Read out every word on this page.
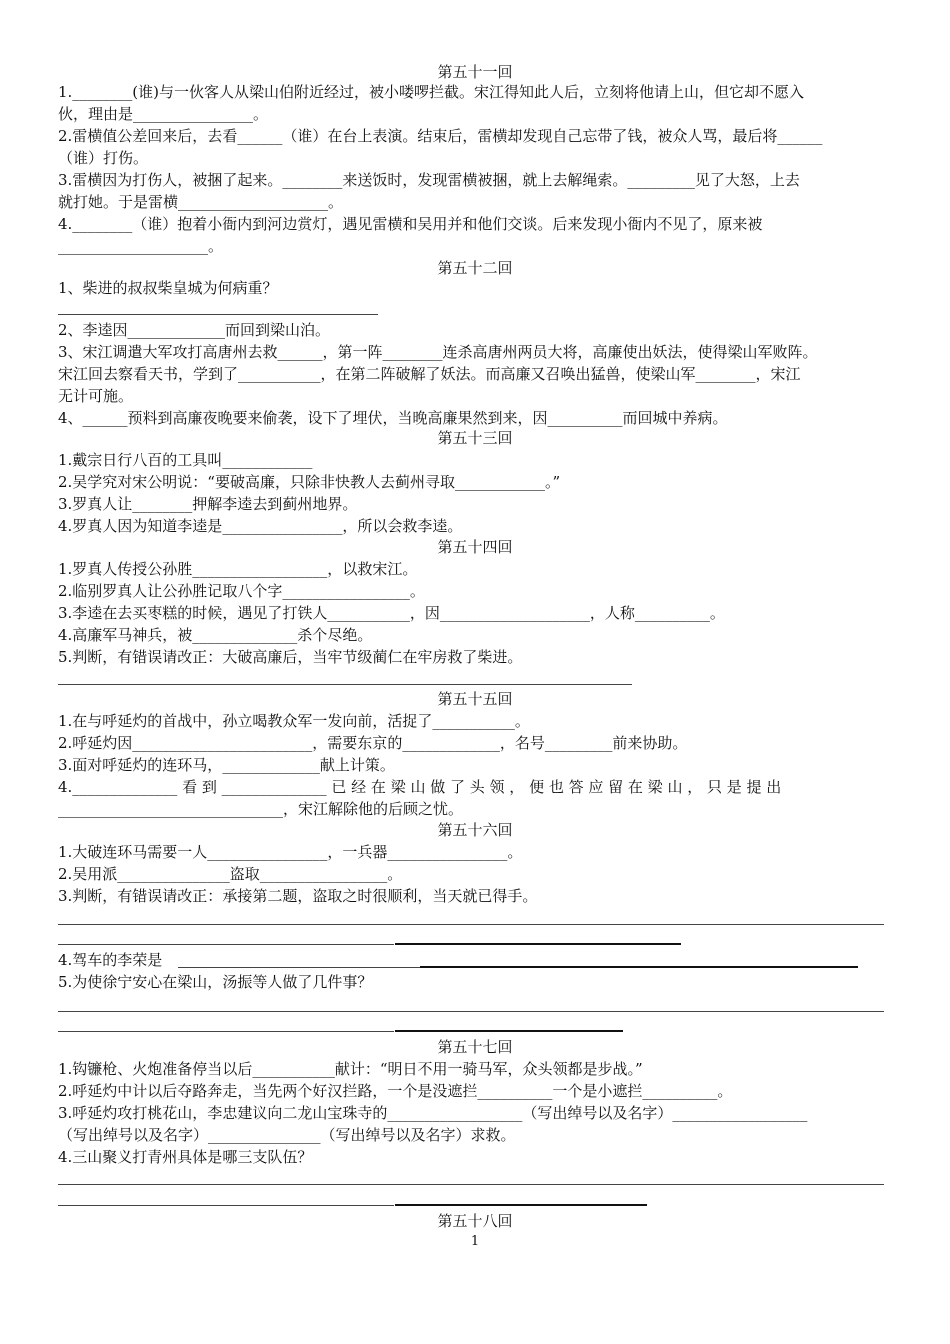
第五十一回
1.________(谁)与一伙客人从梁山伯附近经过，被小喽啰拦截。宋江得知此人后，立刻将他请上山，但它却不愿入
伙，理由是________________。
2.雷横值公差回来后，去看______（谁）在台上表演。结束后，雷横却发现自己忘带了钱，被众人骂，最后将______
（谁）打伤。
3.雷横因为打伤人，被捆了起来。________来送饭时，发现雷横被捆，就上去解绳索。_________见了大怒，上去
就打她。于是雷横____________________。
4.________（谁）抱着小衙内到河边赏灯，遇见雷横和吴用并和他们交谈。后来发现小衙内不见了，原来被
____________________。
第五十二回
1、柴进的叔叔柴皇城为何病重？
2、李逵因_____________而回到梁山泊。
3、宋江调遣大军攻打高唐州去救______，第一阵________连杀高唐州两员大将，高廉使出妖法，使得梁山军败阵。
宋江回去察看天书，学到了___________，在第二阵破解了妖法。而高廉又召唤出猛兽，使梁山军________，宋江
无计可施。
4、______预料到高廉夜晚要来偷袭，设下了埋伏，当晚高廉果然到来，因__________而回城中养病。
第五十三回
1.戴宗日行八百的工具叫____________
2.吴学究对宋公明说：“要破高廉，只除非快教人去蓟州寻取____________。”
3.罗真人让________押解李逵去到蓟州地界。
4.罗真人因为知道李逵是________________，所以会救李逵。
第五十四回
1.罗真人传授公孙胜__________________，以救宋江。
2.临别罗真人让公孙胜记取八个字_________________。
3.李逵在去买枣糕的时候，遇见了打铁人___________，因____________________，人称__________。
4.高廉军马神兵，被______________杀个尽绝。
5.判断，有错误请改正：大破高廉后，当牢节级蔺仁在牢房救了柴进。
第五十五回
1.在与呼延灼的首战中，孙立喝教众军一发向前，活捉了___________。
2.呼延灼因________________________，需要东京的_____________，名号_________前来协助。
3.面对呼延灼的连环马，_____________献上计策。
4.______________ 看 到 ______________ 已 经 在 梁 山 做 了 头 领 ， 便 也 答 应 留 在 梁 山 ， 只 是 提 出
______________________________，宋江解除他的后顾之忧。
第五十六回
1.大破连环马需要一人________________，一兵器________________。
2.吴用派_______________盗取_________________。
3.判断，有错误请改正：承接第二题，盗取之时很顺利，当天就已得手。
4.驾车的李荣是
5.为使徐宁安心在梁山，汤振等人做了几件事？
第五十七回
1.钩镰枪、火炮准备停当以后___________献计：“明日不用一骑马军，众头领都是步战。”
2.呼延灼中计以后夺路奔走，当先两个好汉拦路，一个是没遮拦__________一个是小遮拦__________。
3.呼延灼攻打桃花山，李忠建议向二龙山宝珠寺的__________________（写出绰号以及名字）__________________
（写出绰号以及名字）_______________（写出绰号以及名字）求救。
4.三山聚义打青州具体是哪三支队伍？
第五十八回
1
